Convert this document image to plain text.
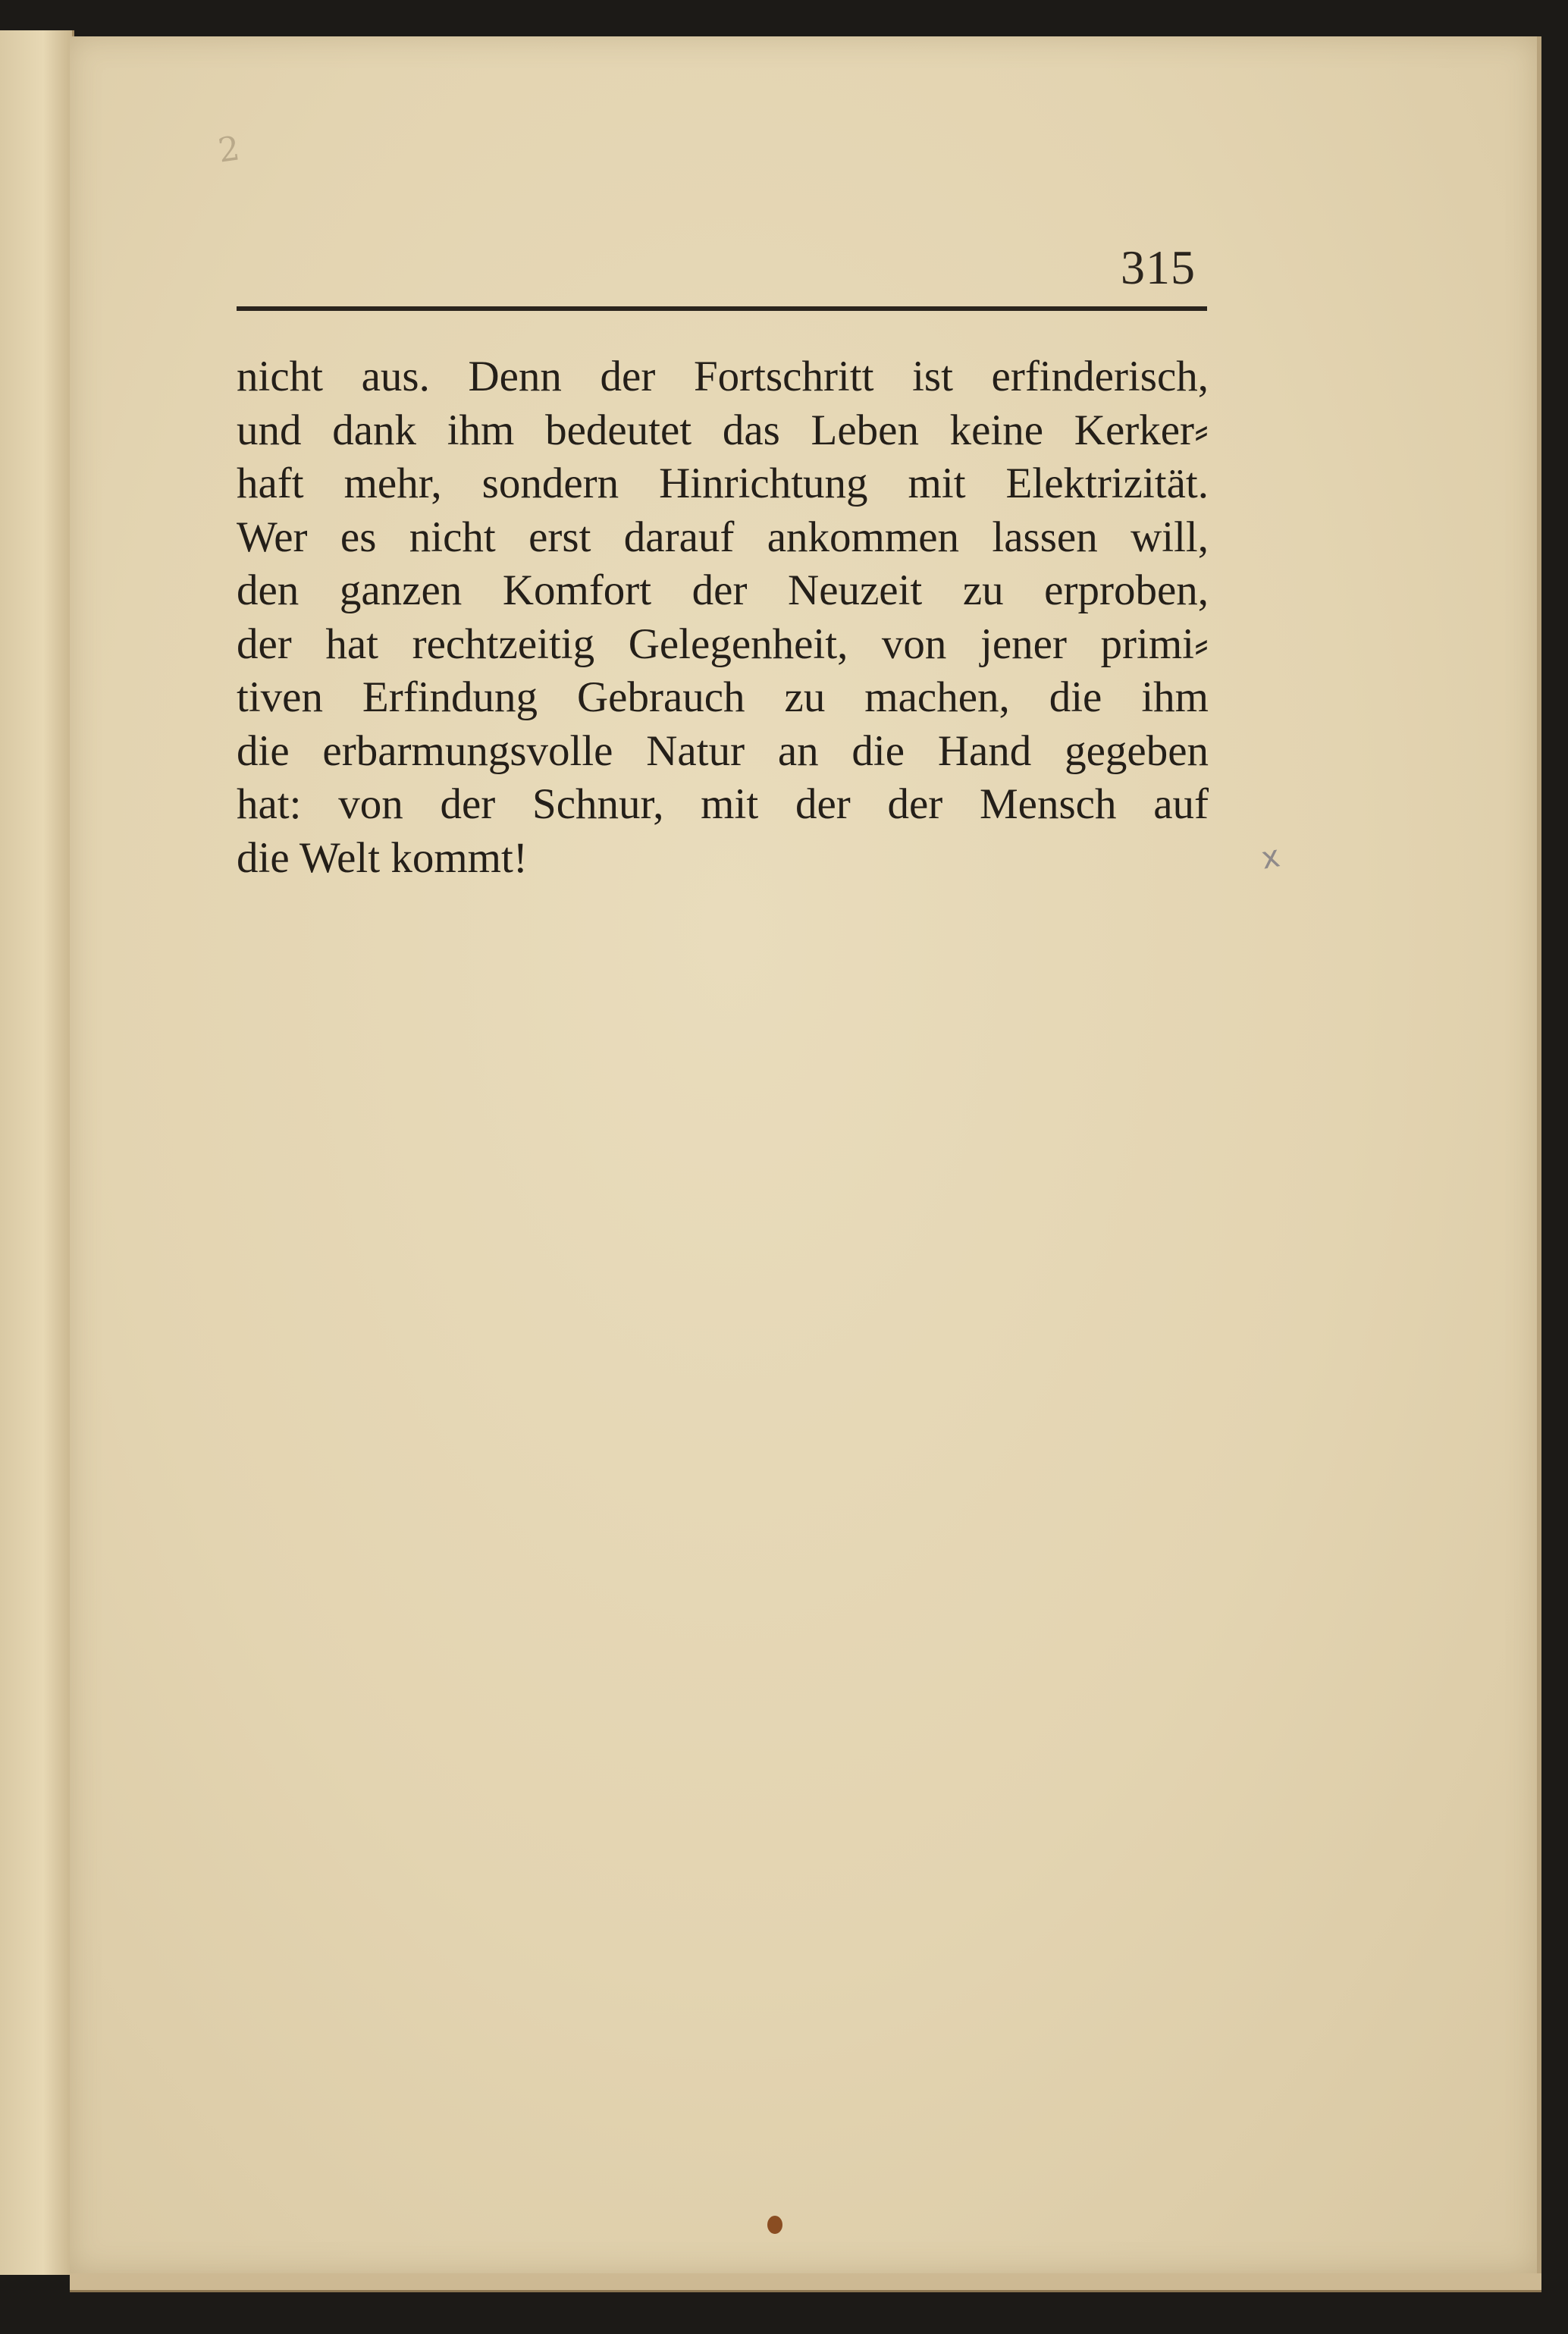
2
315
nicht aus. Denn der Fortschritt ist erfinderisch,
und dank ihm bedeutet das Leben keine Kerker⸗
haft mehr, sondern Hinrichtung mit Elektrizität.
Wer es nicht erst darauf ankommen lassen will,
den ganzen Komfort der Neuzeit zu erproben,
der hat rechtzeitig Gelegenheit, von jener primi⸗
tiven Erfindung Gebrauch zu machen, die ihm
die erbarmungsvolle Natur an die Hand gegeben
hat: von der Schnur, mit der der Mensch auf
die Welt kommt!	x
